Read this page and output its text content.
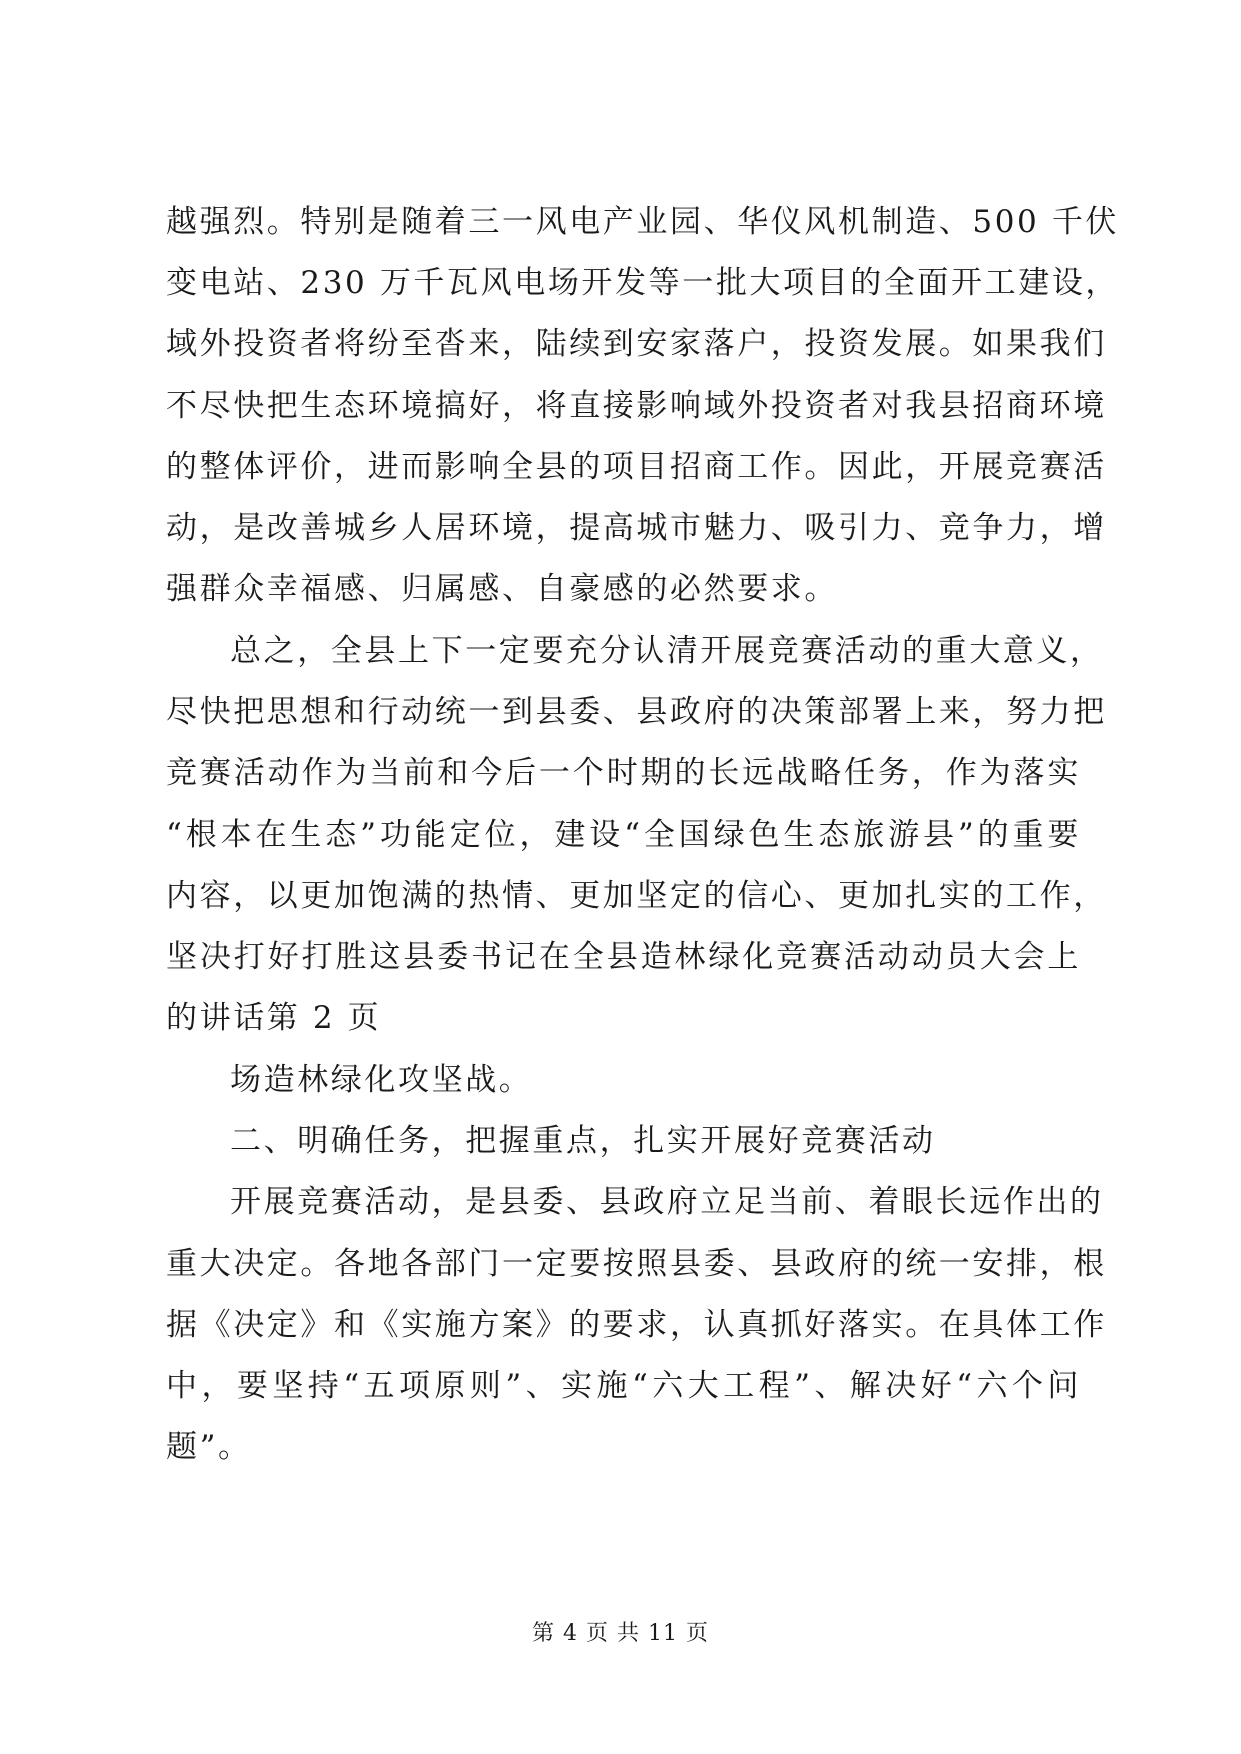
越强烈。特别是随着三一风电产业园、华仪风机制造、500 千伏
变电站、230 万千瓦风电场开发等一批大项目的全面开工建设，
域外投资者将纷至沓来，陆续到安家落户，投资发展。如果我们
不尽快把生态环境搞好，将直接影响域外投资者对我县招商环境
的整体评价，进而影响全县的项目招商工作。因此，开展竞赛活
动，是改善城乡人居环境，提高城市魅力、吸引力、竞争力，增
强群众幸福感、归属感、自豪感的必然要求。
总之，全县上下一定要充分认清开展竞赛活动的重大意义，
尽快把思想和行动统一到县委、县政府的决策部署上来，努力把
竞赛活动作为当前和今后一个时期的长远战略任务，作为落实
“根本在生态”功能定位，建设“全国绿色生态旅游县”的重要
内容，以更加饱满的热情、更加坚定的信心、更加扎实的工作，
坚决打好打胜这县委书记在全县造林绿化竞赛活动动员大会上
的讲话第 2 页
场造林绿化攻坚战。
二、明确任务，把握重点，扎实开展好竞赛活动
开展竞赛活动，是县委、县政府立足当前、着眼长远作出的
重大决定。各地各部门一定要按照县委、县政府的统一安排，根
据《决定》和《实施方案》的要求，认真抓好落实。在具体工作
中，要坚持“五项原则”、实施“六大工程”、解决好“六个问
题”。
第 4 页 共 11 页
